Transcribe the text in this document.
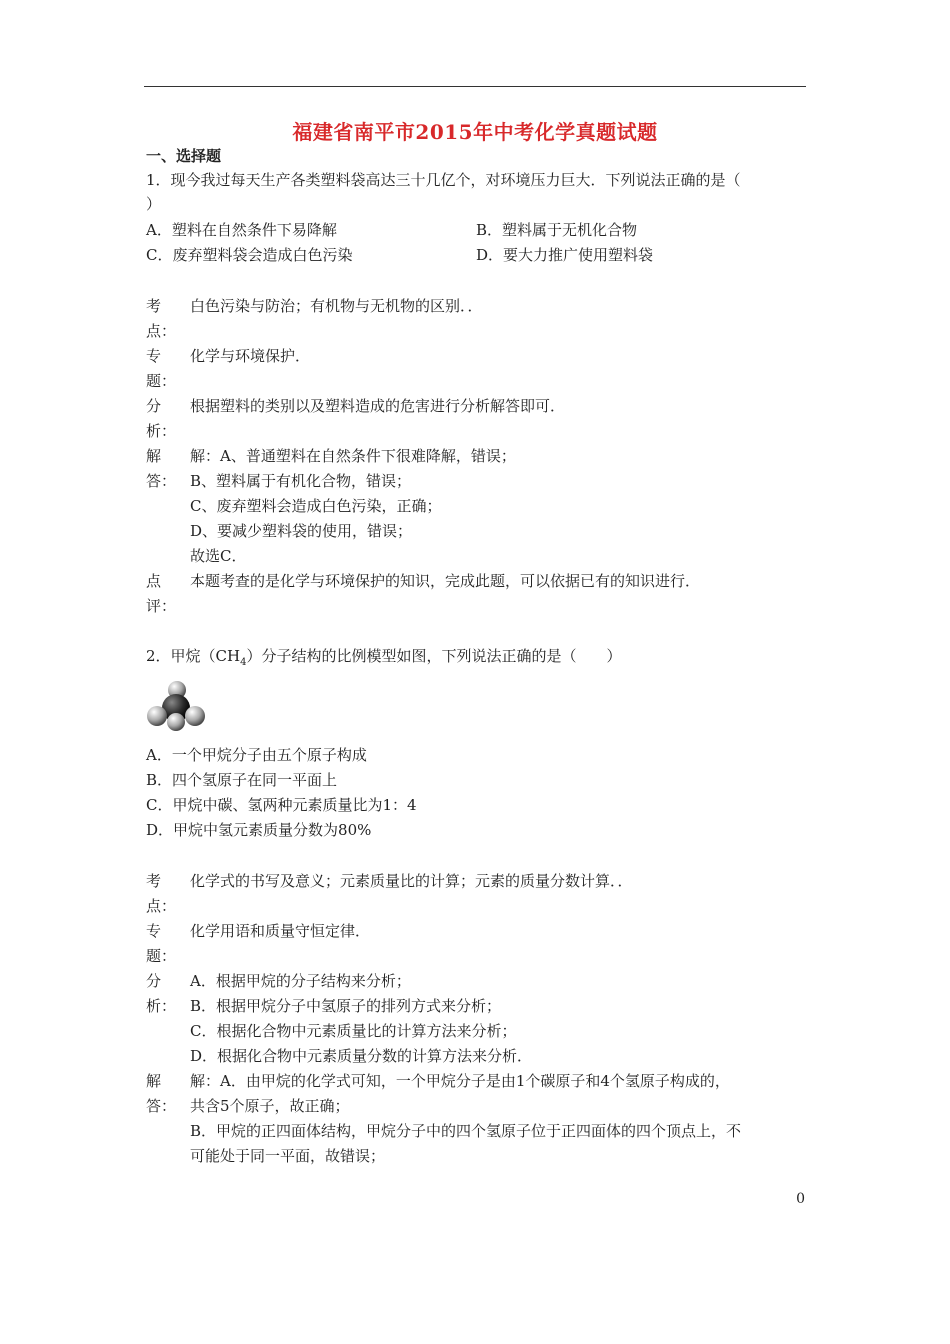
福建省南平市2015年中考化学真题试题
一、选择题
1．现今我过每天生产各类塑料袋高达三十几亿个，对环境压力巨大．下列说法正确的是（
）
A．塑料在自然条件下易降解	B．塑料属于无机化合物
C．废弃塑料袋会造成白色污染	D．要大力推广使用塑料袋
考
点：
白色污染与防治；有机物与无机物的区别．．
专
题：
化学与环境保护．
分
析：
根据塑料的类别以及塑料造成的危害进行分析解答即可．
解
答：
解：A、普通塑料在自然条件下很难降解，错误；
B、塑料属于有机化合物，错误；
C、废弃塑料会造成白色污染，正确；
D、要减少塑料袋的使用，错误；
故选C．
点
评：
本题考查的是化学与环境保护的知识，完成此题，可以依据已有的知识进行．
2．甲烷$(CH_4)$分子结构的比例模型如图，下列说法正确的是（　　）
A．一个甲烷分子由五个原子构成
B．四个氢原子在同一平面上
C．甲烷中碳、氢两种元素质量比为1：4
D．甲烷中氢元素质量分数为80%
考
点：
化学式的书写及意义；元素质量比的计算；元素的质量分数计算．．
专
题：
化学用语和质量守恒定律．
分
析：
A．根据甲烷的分子结构来分析；
B．根据甲烷分子中氢原子的排列方式来分析；
C．根据化合物中元素质量比的计算方法来分析；
D．根据化合物中元素质量分数的计算方法来分析．
解
答：
解：A．由甲烷的化学式可知，一个甲烷分子是由1个碳原子和4个氢原子构成的，
共含5个原子，故正确；
B．甲烷的正四面体结构，甲烷分子中的四个氢原子位于正四面体的四个顶点上，不
可能处于同一平面，故错误；
0
